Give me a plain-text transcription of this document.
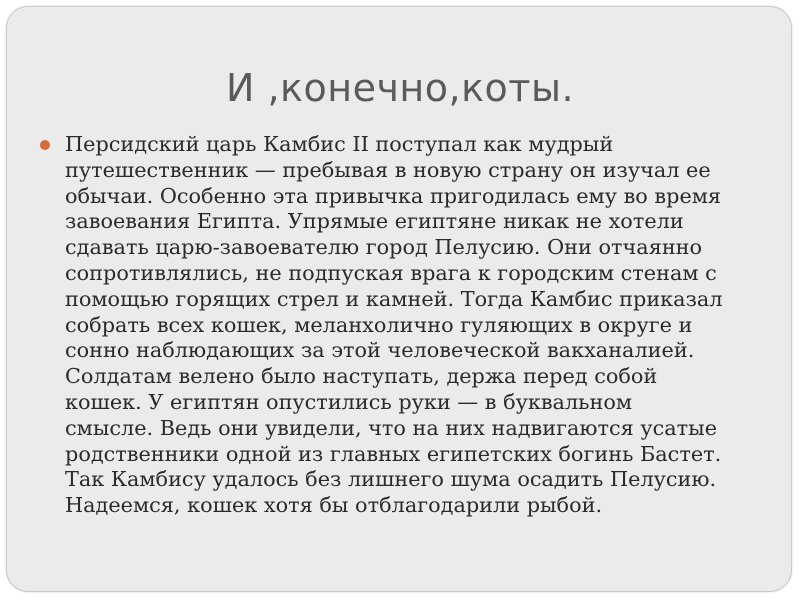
И ,конечно,коты.
Персидский царь Камбис II поступал как мудрый
путешественник — пребывая в новую страну он изучал ее
обычаи. Особенно эта привычка пригодилась ему во время
завоевания Египта. Упрямые египтяне никак не хотели
сдавать царю-завоевателю город Пелусию. Они отчаянно
сопротивлялись, не подпуская врага к городским стенам с
помощью горящих стрел и камней. Тогда Камбис приказал
собрать всех кошек, меланхолично гуляющих в округе и
сонно наблюдающих за этой человеческой вакханалией.
Солдатам велено было наступать, держа перед собой
кошек. У египтян опустились руки — в буквальном
смысле. Ведь они увидели, что на них надвигаются усатые
родственники одной из главных египетских богинь Бастет.
Так Камбису удалось без лишнего шума осадить Пелусию.
Надеемся, кошек хотя бы отблагодарили рыбой.
